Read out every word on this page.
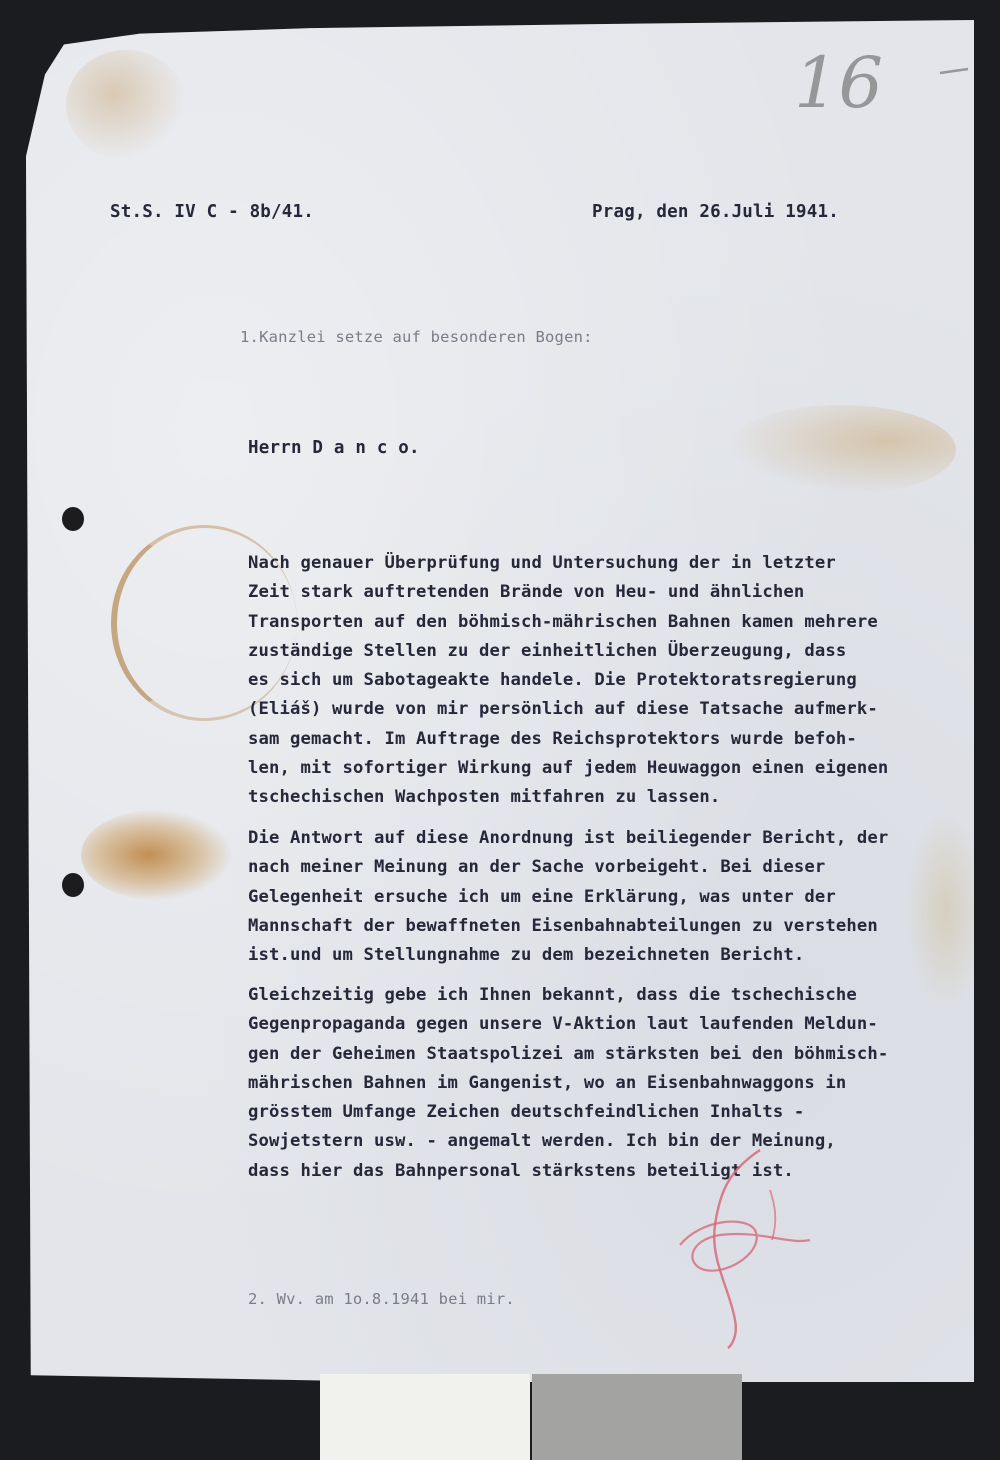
16
St.S. IV C - 8b/41.	Prag, den 26.Juli 1941.
1.Kanzlei setze auf besonderen Bogen:
Herrn D a n c o.

Nach genauer Überprüfung und Untersuchung der in letzter
Zeit stark auftretenden Brände von Heu- und ähnlichen
Transporten auf den böhmisch-mährischen Bahnen kamen mehrere
zuständige Stellen zu der einheitlichen Überzeugung, dass
es sich um Sabotageakte handele. Die Protektoratsregierung
(Eliáš) wurde von mir persönlich auf diese Tatsache aufmerk-
sam gemacht. Im Auftrage des Reichsprotektors wurde befoh-
len, mit sofortiger Wirkung auf jedem Heuwaggon einen eigenen
tschechischen Wachposten mitfahren zu lassen.

Die Antwort auf diese Anordnung ist beiliegender Bericht, der
nach meiner Meinung an der Sache vorbeigeht. Bei dieser
Gelegenheit ersuche ich um eine Erklärung, was unter der
Mannschaft der bewaffneten Eisenbahnabteilungen zu verstehen
ist.und um Stellungnahme zu dem bezeichneten Bericht.

Gleichzeitig gebe ich Ihnen bekannt, dass die tschechische
Gegenpropaganda gegen unsere V-Aktion laut laufenden Meldun-
gen der Geheimen Staatspolizei am stärksten bei den böhmisch-
mährischen Bahnen im Gangenist, wo an Eisenbahnwaggons in
grösstem Umfange Zeichen deutschfeindlichen Inhalts -
Sowjetstern usw. - angemalt werden. Ich bin der Meinung,
dass hier das Bahnpersonal stärkstens beteiligt ist.

2. Wv. am 1o.8.1941 bei mir.
